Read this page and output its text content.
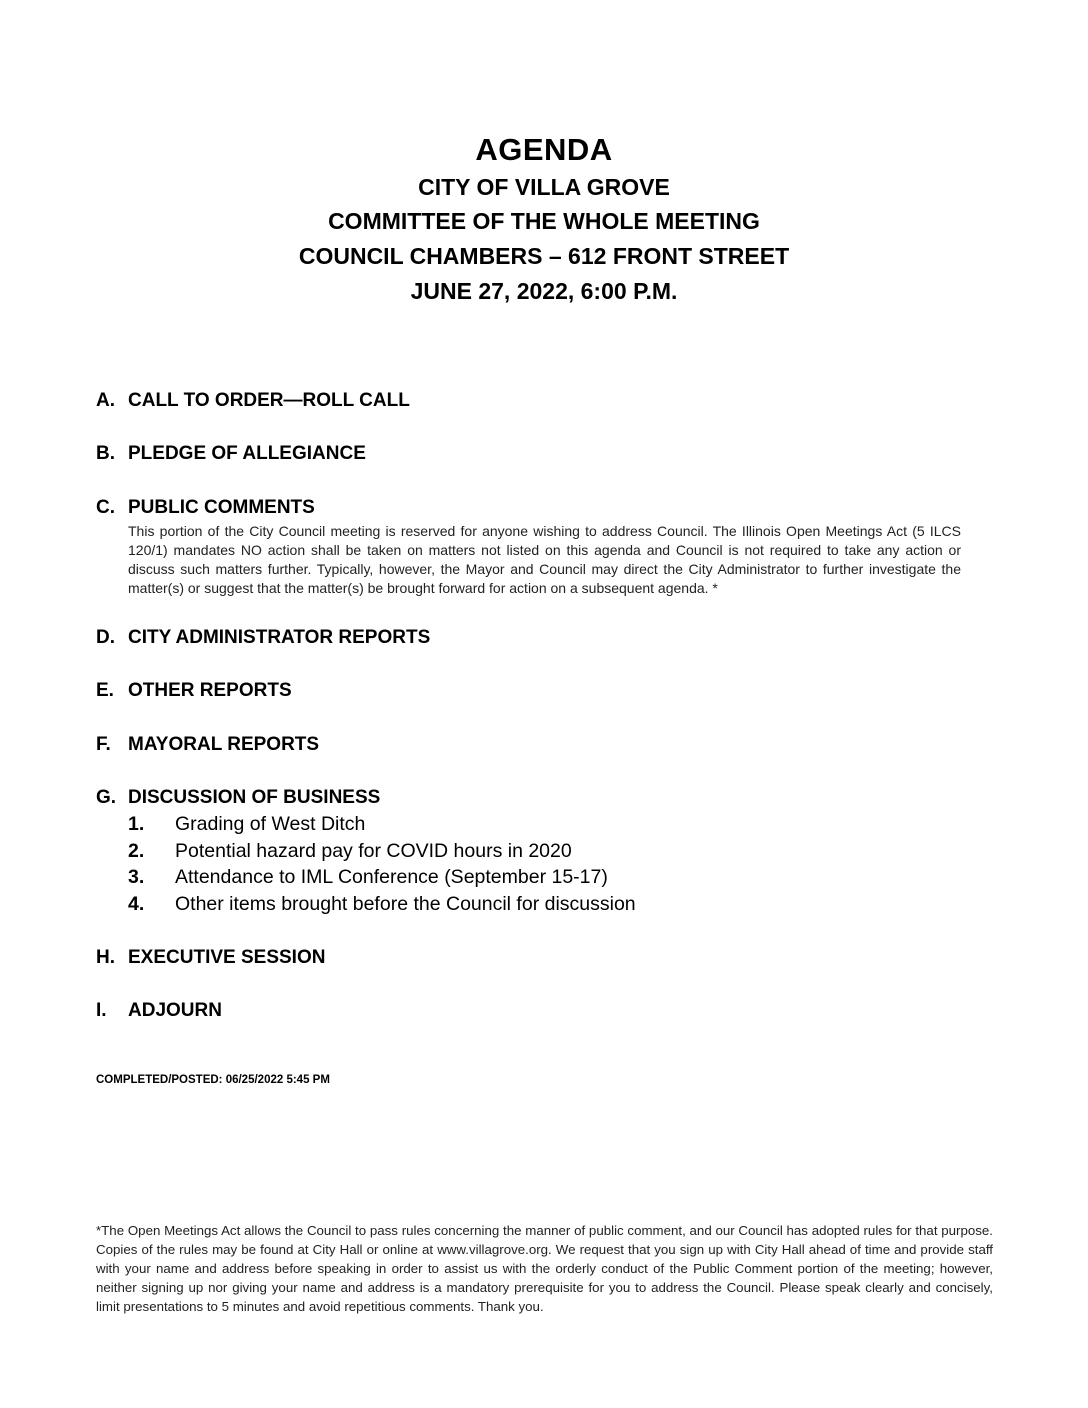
AGENDA
CITY OF VILLA GROVE
COMMITTEE OF THE WHOLE MEETING
COUNCIL CHAMBERS – 612 FRONT STREET
JUNE 27, 2022, 6:00 P.M.
A. CALL TO ORDER—ROLL CALL
B. PLEDGE OF ALLEGIANCE
C. PUBLIC COMMENTS
This portion of the City Council meeting is reserved for anyone wishing to address Council. The Illinois Open Meetings Act (5 ILCS 120/1) mandates NO action shall be taken on matters not listed on this agenda and Council is not required to take any action or discuss such matters further. Typically, however, the Mayor and Council may direct the City Administrator to further investigate the matter(s) or suggest that the matter(s) be brought forward for action on a subsequent agenda. *
D. CITY ADMINISTRATOR REPORTS
E. OTHER REPORTS
F. MAYORAL REPORTS
G. DISCUSSION OF BUSINESS
1. Grading of West Ditch
2. Potential hazard pay for COVID hours in 2020
3. Attendance to IML Conference (September 15-17)
4. Other items brought before the Council for discussion
H. EXECUTIVE SESSION
I. ADJOURN
COMPLETED/POSTED: 06/25/2022 5:45 PM
*The Open Meetings Act allows the Council to pass rules concerning the manner of public comment, and our Council has adopted rules for that purpose. Copies of the rules may be found at City Hall or online at www.villagrove.org. We request that you sign up with City Hall ahead of time and provide staff with your name and address before speaking in order to assist us with the orderly conduct of the Public Comment portion of the meeting; however, neither signing up nor giving your name and address is a mandatory prerequisite for you to address the Council. Please speak clearly and concisely, limit presentations to 5 minutes and avoid repetitious comments. Thank you.
